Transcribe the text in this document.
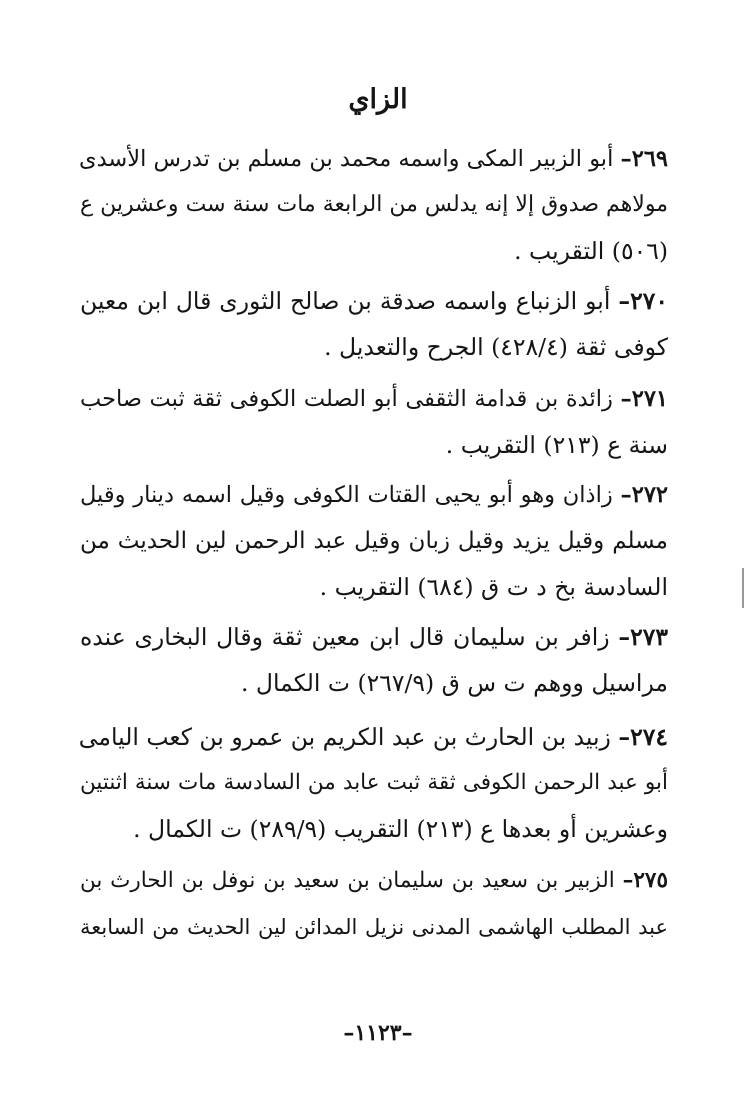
الزاي
٢٦٩– أبو الزبير المكى واسمه محمد بن مسلم بن تدرس الأسدى
مولاهم صدوق إلا إنه يدلس من الرابعة مات سنة ست وعشرين ع
(٥٠٦) التقريب .
٢٧٠– أبو الزنباع واسمه صدقة بن صالح الثورى قال ابن معين
كوفى ثقة (٤٢٨/٤) الجرح والتعديل .
٢٧١– زائدة بن قدامة الثقفى أبو الصلت الكوفى ثقة ثبت صاحب
سنة ع (٢١٣) التقريب .
٢٧٢– زاذان وهو أبو يحيى القتات الكوفى وقيل اسمه دينار وقيل
مسلم وقيل يزيد وقيل زبان وقيل عبد الرحمن لين الحديث من
السادسة بخ د ت ق (٦٨٤) التقريب .
٢٧٣– زافر بن سليمان قال ابن معين ثقة وقال البخارى عنده
مراسيل ووهم ت س ق (٢٦٧/٩) ت الكمال .
٢٧٤– زبيد بن الحارث بن عبد الكريم بن عمرو بن كعب اليامى
أبو عبد الرحمن الكوفى ثقة ثبت عابد من السادسة مات سنة اثنتين
وعشرين أو بعدها ع (٢١٣) التقريب (٢٨٩/٩) ت الكمال .
٢٧٥– الزبير بن سعيد بن سليمان بن سعيد بن نوفل بن الحارث بن
عبد المطلب الهاشمى المدنى نزيل المدائن لين الحديث من السابعة
–١١٢٣–
